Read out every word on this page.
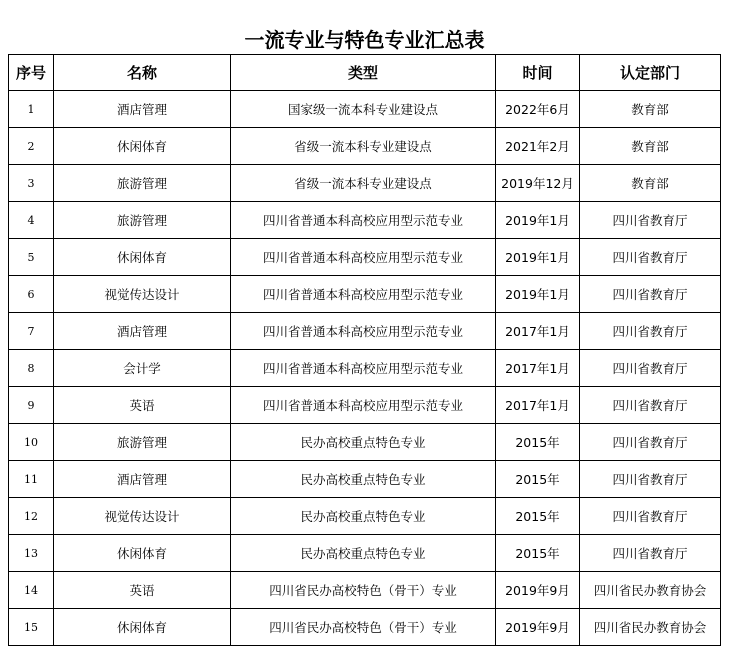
一流专业与特色专业汇总表
序号	名称	类型	时间	认定部门
1	酒店管理	国家级一流本科专业建设点	2022年6月	教育部
2	休闲体育	省级一流本科专业建设点	2021年2月	教育部
3	旅游管理	省级一流本科专业建设点	2019年12月	教育部
4	旅游管理	四川省普通本科高校应用型示范专业	2019年1月	四川省教育厅
5	休闲体育	四川省普通本科高校应用型示范专业	2019年1月	四川省教育厅
6	视觉传达设计	四川省普通本科高校应用型示范专业	2019年1月	四川省教育厅
7	酒店管理	四川省普通本科高校应用型示范专业	2017年1月	四川省教育厅
8	会计学	四川省普通本科高校应用型示范专业	2017年1月	四川省教育厅
9	英语	四川省普通本科高校应用型示范专业	2017年1月	四川省教育厅
10	旅游管理	民办高校重点特色专业	2015年	四川省教育厅
11	酒店管理	民办高校重点特色专业	2015年	四川省教育厅
12	视觉传达设计	民办高校重点特色专业	2015年	四川省教育厅
13	休闲体育	民办高校重点特色专业	2015年	四川省教育厅
14	英语	四川省民办高校特色（骨干）专业	2019年9月	四川省民办教育协会
15	休闲体育	四川省民办高校特色（骨干）专业	2019年9月	四川省民办教育协会
